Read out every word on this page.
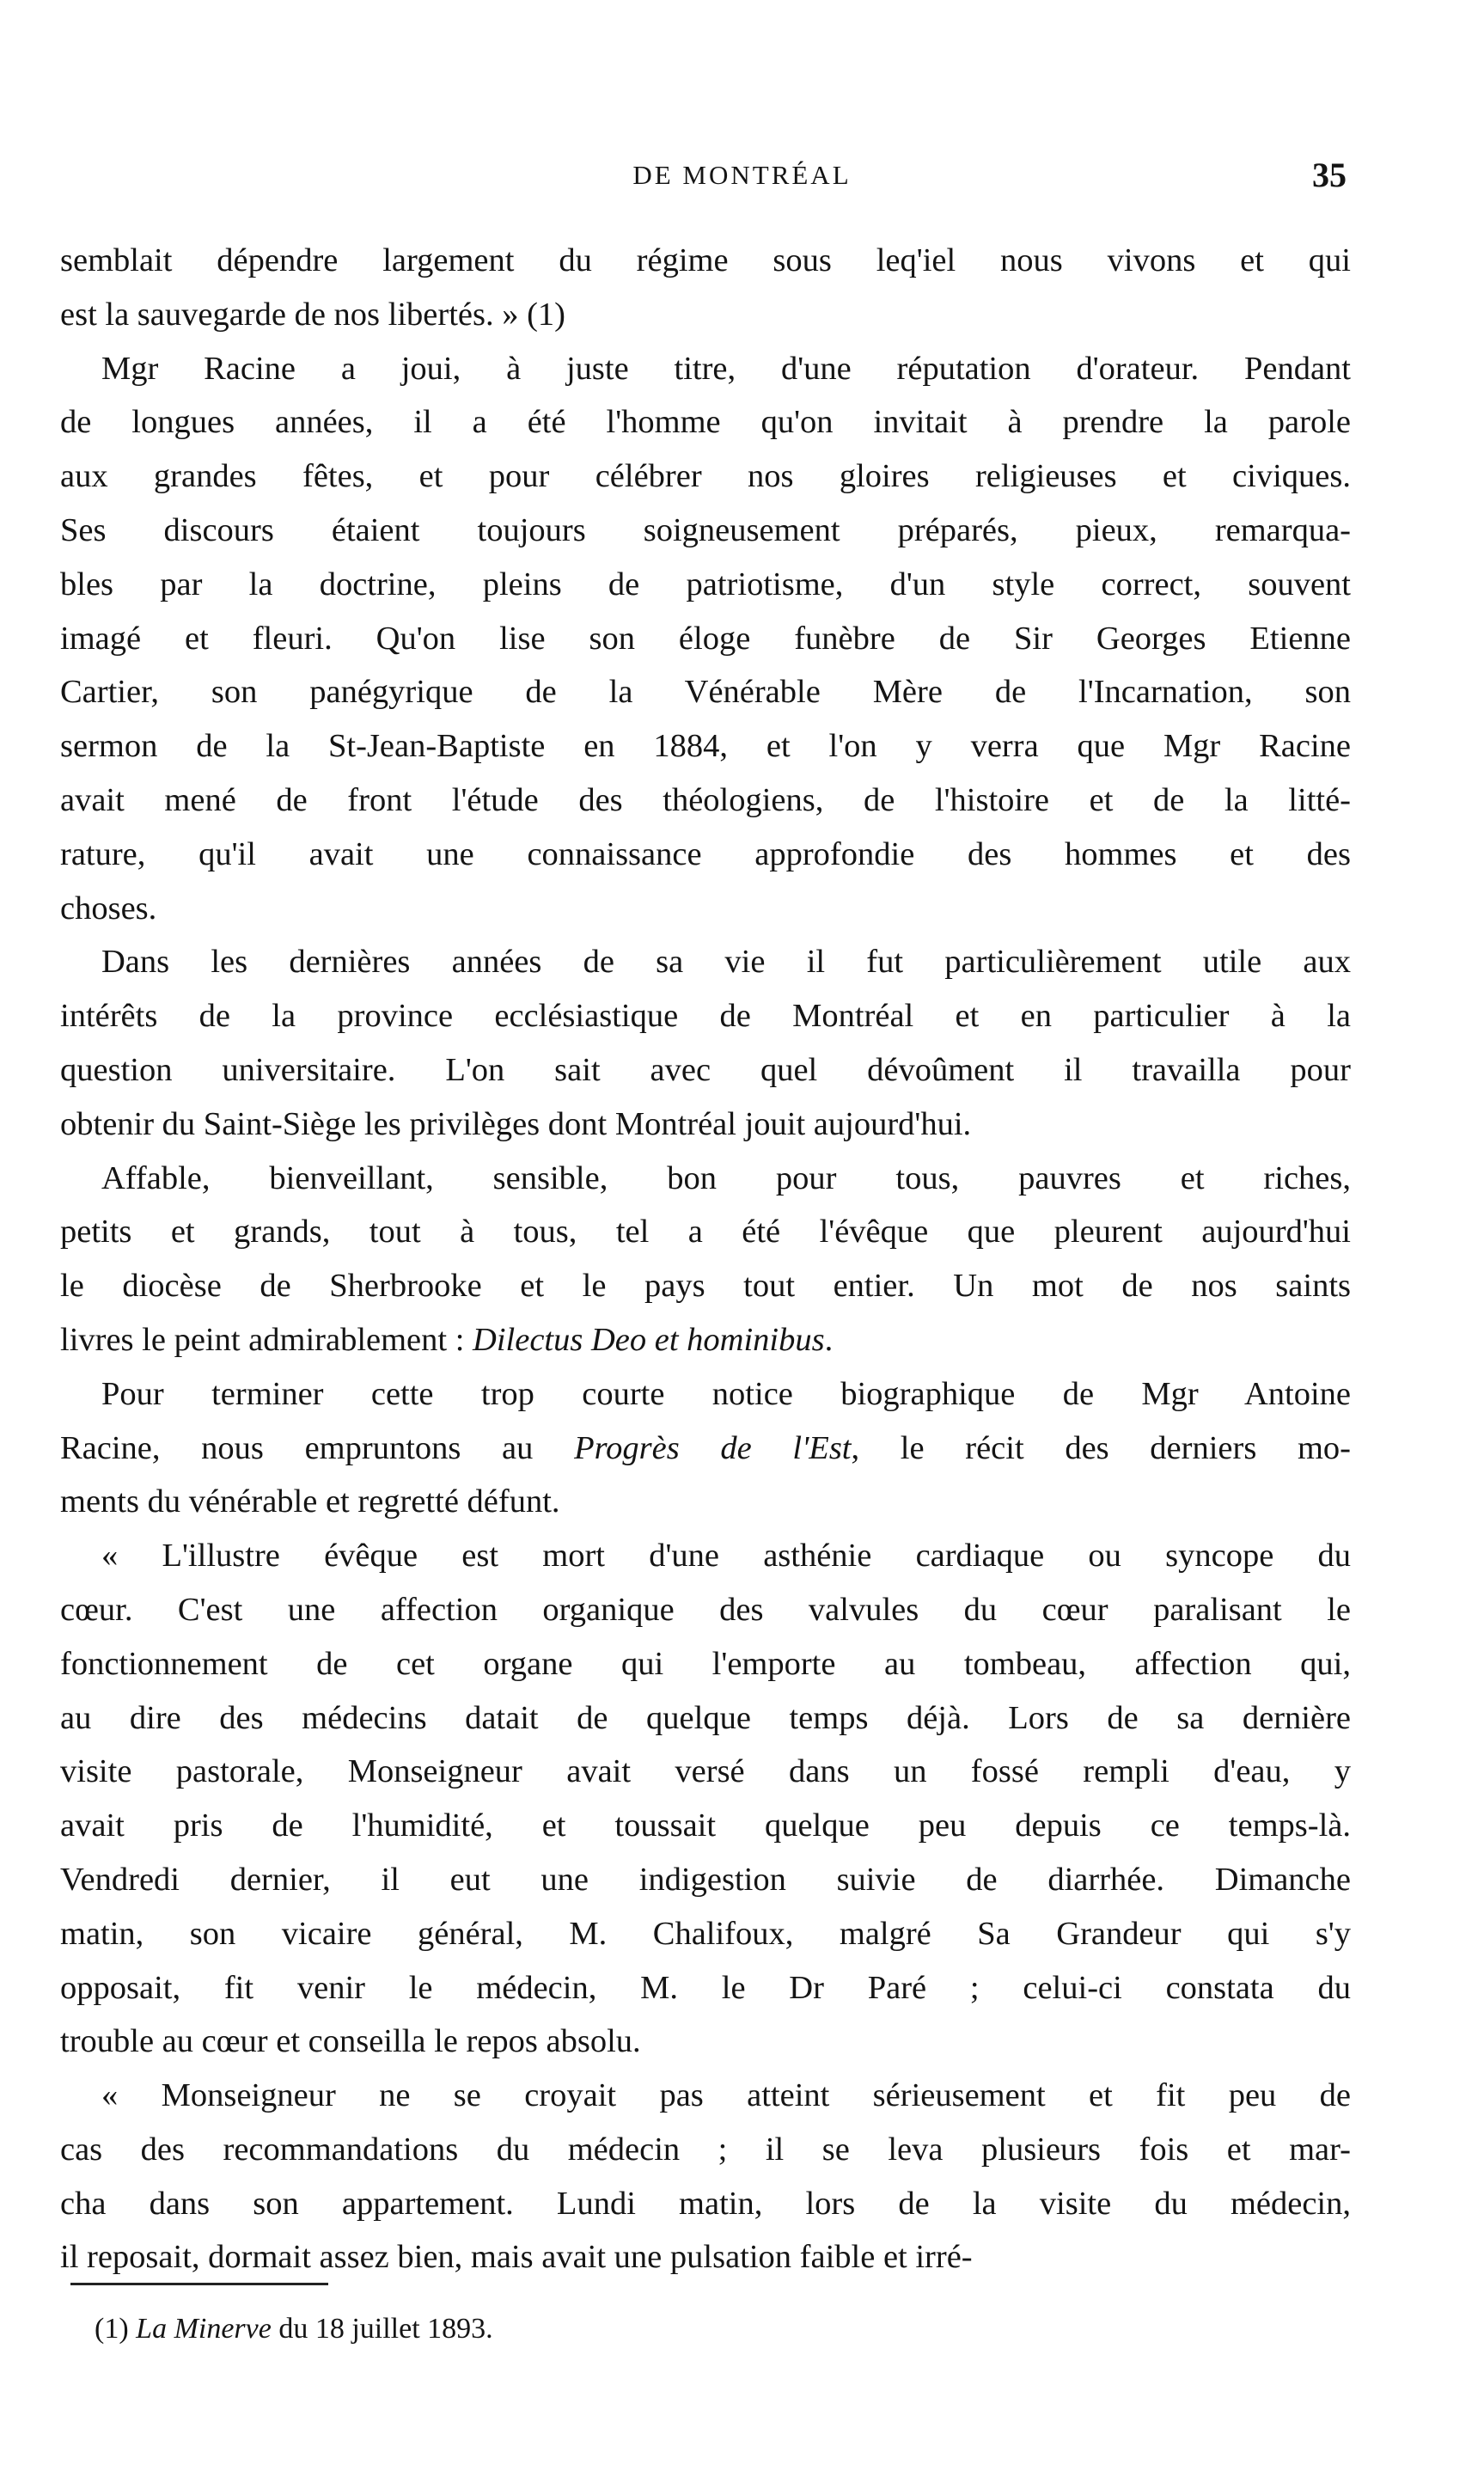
DE MONTRÉAL	35

semblait dépendre largement du régime sous leq'iel nous vivons et qui
est la sauvegarde de nos libertés. » (1)

Mgr Racine a joui, à juste titre, d'une réputation d'orateur. Pendant
de longues années, il a été l'homme qu'on invitait à prendre la parole
aux grandes fêtes, et pour célébrer nos gloires religieuses et civiques.
Ses discours étaient toujours soigneusement préparés, pieux, remarqua-
bles par la doctrine, pleins de patriotisme, d'un style correct, souvent
imagé et fleuri. Qu'on lise son éloge funèbre de Sir Georges Etienne
Cartier, son panégyrique de la Vénérable Mère de l'Incarnation, son
sermon de la St-Jean-Baptiste en 1884, et l'on y verra que Mgr Racine
avait mené de front l'étude des théologiens, de l'histoire et de la litté-
rature, qu'il avait une connaissance approfondie des hommes et des
choses.

Dans les dernières années de sa vie il fut particulièrement utile aux
intérêts de la province ecclésiastique de Montréal et en particulier à la
question universitaire. L'on sait avec quel dévoûment il travailla pour
obtenir du Saint-Siège les privilèges dont Montréal jouit aujourd'hui.

Affable, bienveillant, sensible, bon pour tous, pauvres et riches,
petits et grands, tout à tous, tel a été l'évêque que pleurent aujourd'hui
le diocèse de Sherbrooke et le pays tout entier. Un mot de nos saints
livres le peint admirablement : Dilectus Deo et hominibus.

Pour terminer cette trop courte notice biographique de Mgr Antoine
Racine, nous empruntons au Progrès de l'Est, le récit des derniers mo-
ments du vénérable et regretté défunt.

« L'illustre évêque est mort d'une asthénie cardiaque ou syncope du
cœur. C'est une affection organique des valvules du cœur paralisant le
fonctionnement de cet organe qui l'emporte au tombeau, affection qui,
au dire des médecins datait de quelque temps déjà. Lors de sa dernière
visite pastorale, Monseigneur avait versé dans un fossé rempli d'eau, y
avait pris de l'humidité, et toussait quelque peu depuis ce temps-là.
Vendredi dernier, il eut une indigestion suivie de diarrhée. Dimanche
matin, son vicaire général, M. Chalifoux, malgré Sa Grandeur qui s'y
opposait, fit venir le médecin, M. le Dr Paré ; celui-ci constata du
trouble au cœur et conseilla le repos absolu.

« Monseigneur ne se croyait pas atteint sérieusement et fit peu de
cas des recommandations du médecin ; il se leva plusieurs fois et mar-
cha dans son appartement. Lundi matin, lors de la visite du médecin,
il reposait, dormait assez bien, mais avait une pulsation faible et irré-

(1) La Minerve du 18 juillet 1893.
